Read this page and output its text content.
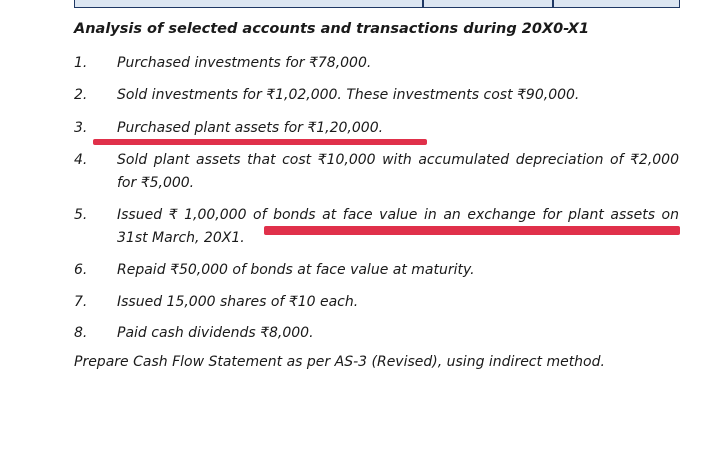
Analysis of selected accounts and transactions during 20X0-X1
1.	Purchased investments for ₹78,000.
2.	Sold investments for ₹1,02,000. These investments cost ₹90,000.
3.	Purchased plant assets for ₹1,20,000.
4.	Sold plant assets that cost ₹10,000 with accumulated depreciation of ₹2,000 for ₹5,000.
5.	Issued ₹ 1,00,000 of bonds at face value in an exchange for plant assets on 31st March, 20X1.
6.	Repaid ₹50,000 of bonds at face value at maturity.
7.	Issued 15,000 shares of ₹10 each.
8.	Paid cash dividends ₹8,000.
Prepare Cash Flow Statement as per AS-3 (Revised), using indirect method.
